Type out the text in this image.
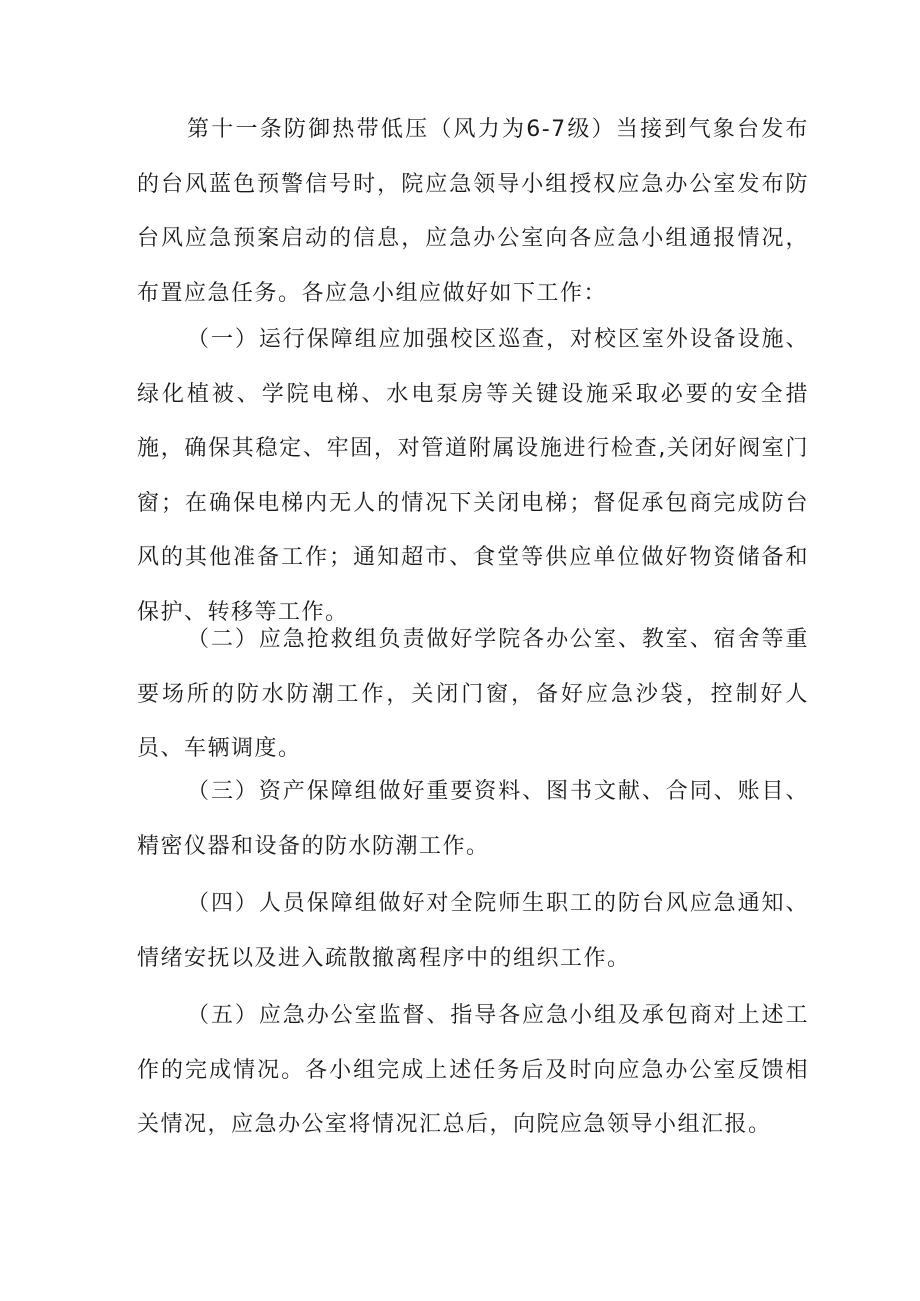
第十一条防御热带低压（风力为6-7级）当接到气象台发布的台风蓝色预警信号时，院应急领导小组授权应急办公室发布防台风应急预案启动的信息，应急办公室向各应急小组通报情况，布置应急任务。各应急小组应做好如下工作：

（一）运行保障组应加强校区巡查，对校区室外设备设施、绿化植被、学院电梯、水电泵房等关键设施采取必要的安全措施，确保其稳定、牢固，对管道附属设施进行检查,关闭好阀室门窗；在确保电梯内无人的情况下关闭电梯；督促承包商完成防台风的其他准备工作；通知超市、食堂等供应单位做好物资储备和保护、转移等工作。

（二）应急抢救组负责做好学院各办公室、教室、宿舍等重要场所的防水防潮工作，关闭门窗，备好应急沙袋，控制好人员、车辆调度。

（三）资产保障组做好重要资料、图书文献、合同、账目、精密仪器和设备的防水防潮工作。

（四）人员保障组做好对全院师生职工的防台风应急通知、情绪安抚以及进入疏散撤离程序中的组织工作。

（五）应急办公室监督、指导各应急小组及承包商对上述工作的完成情况。各小组完成上述任务后及时向应急办公室反馈相关情况，应急办公室将情况汇总后，向院应急领导小组汇报。
